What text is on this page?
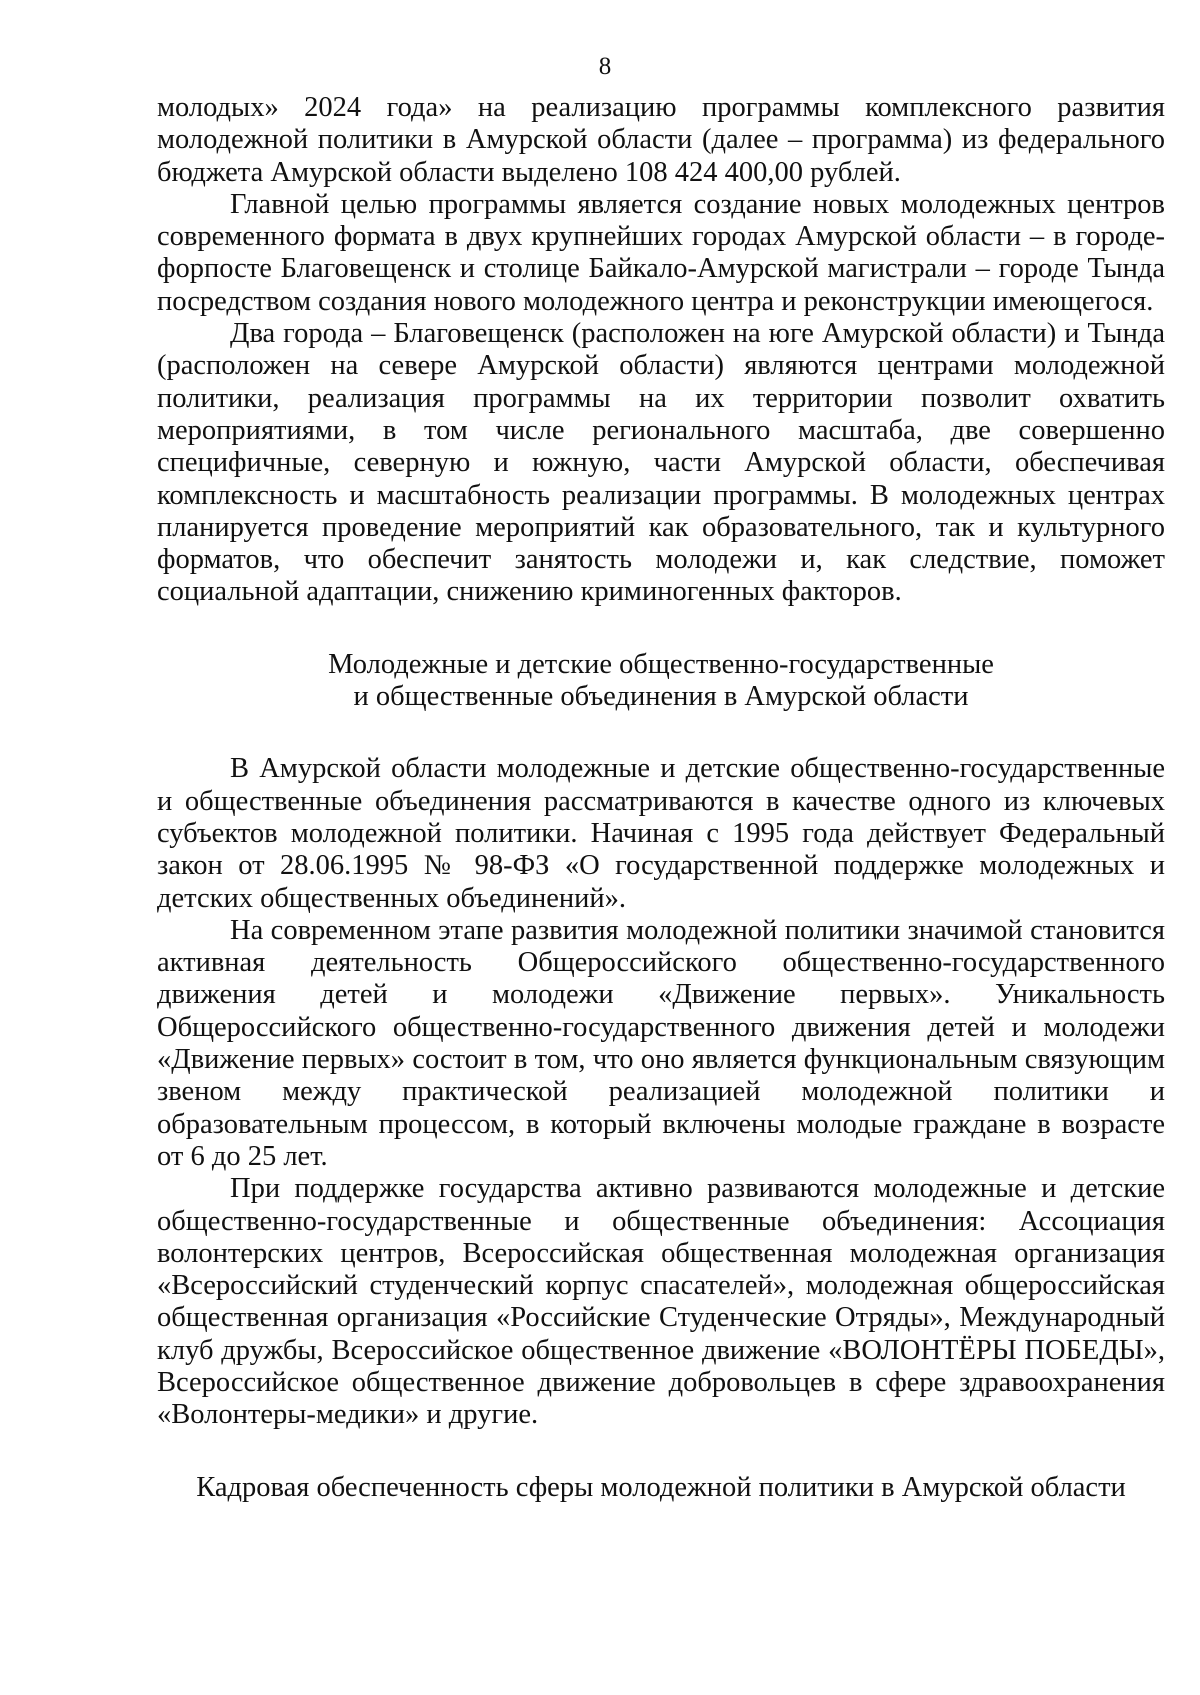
8

молодых» 2024 года» на реализацию программы комплексного развития молодежной политики в Амурской области (далее – программа) из федерального бюджета Амурской области выделено 108 424 400,00 рублей.

Главной целью программы является создание новых молодежных центров современного формата в двух крупнейших городах Амурской области – в городе-форпосте Благовещенск и столице Байкало-Амурской магистрали – городе Тында посредством создания нового молодежного центра и реконструкции имеющегося.

Два города – Благовещенск (расположен на юге Амурской области) и Тында (расположен на севере Амурской области) являются центрами молодежной политики, реализация программы на их территории позволит охватить мероприятиями, в том числе регионального масштаба, две совершенно специфичные, северную и южную, части Амурской области, обеспечивая комплексность и масштабность реализации программы. В молодежных центрах планируется проведение мероприятий как образовательного, так и культурного форматов, что обеспечит занятость молодежи и, как следствие, поможет социальной адаптации, снижению криминогенных факторов.

Молодежные и детские общественно-государственные
и общественные объединения в Амурской области

В Амурской области молодежные и детские общественно-государственные и общественные объединения рассматриваются в качестве одного из ключевых субъектов молодежной политики. Начиная с 1995 года действует Федеральный закон от 28.06.1995 № 98-ФЗ «О государственной поддержке молодежных и детских общественных объединений».

На современном этапе развития молодежной политики значимой становится активная деятельность Общероссийского общественно-государственного движения детей и молодежи «Движение первых». Уникальность Общероссийского общественно-государственного движения детей и молодежи «Движение первых» состоит в том, что оно является функциональным связующим звеном между практической реализацией молодежной политики и образовательным процессом, в который включены молодые граждане в возрасте от 6 до 25 лет.

При поддержке государства активно развиваются молодежные и детские общественно-государственные и общественные объединения: Ассоциация волонтерских центров, Всероссийская общественная молодежная организация «Всероссийский студенческий корпус спасателей», молодежная общероссийская общественная организация «Российские Студенческие Отряды», Международный клуб дружбы, Всероссийское общественное движение «ВОЛОНТЁРЫ ПОБЕДЫ», Всероссийское общественное движение добровольцев в сфере здравоохранения «Волонтеры-медики» и другие.

Кадровая обеспеченность сферы молодежной политики в Амурской области
